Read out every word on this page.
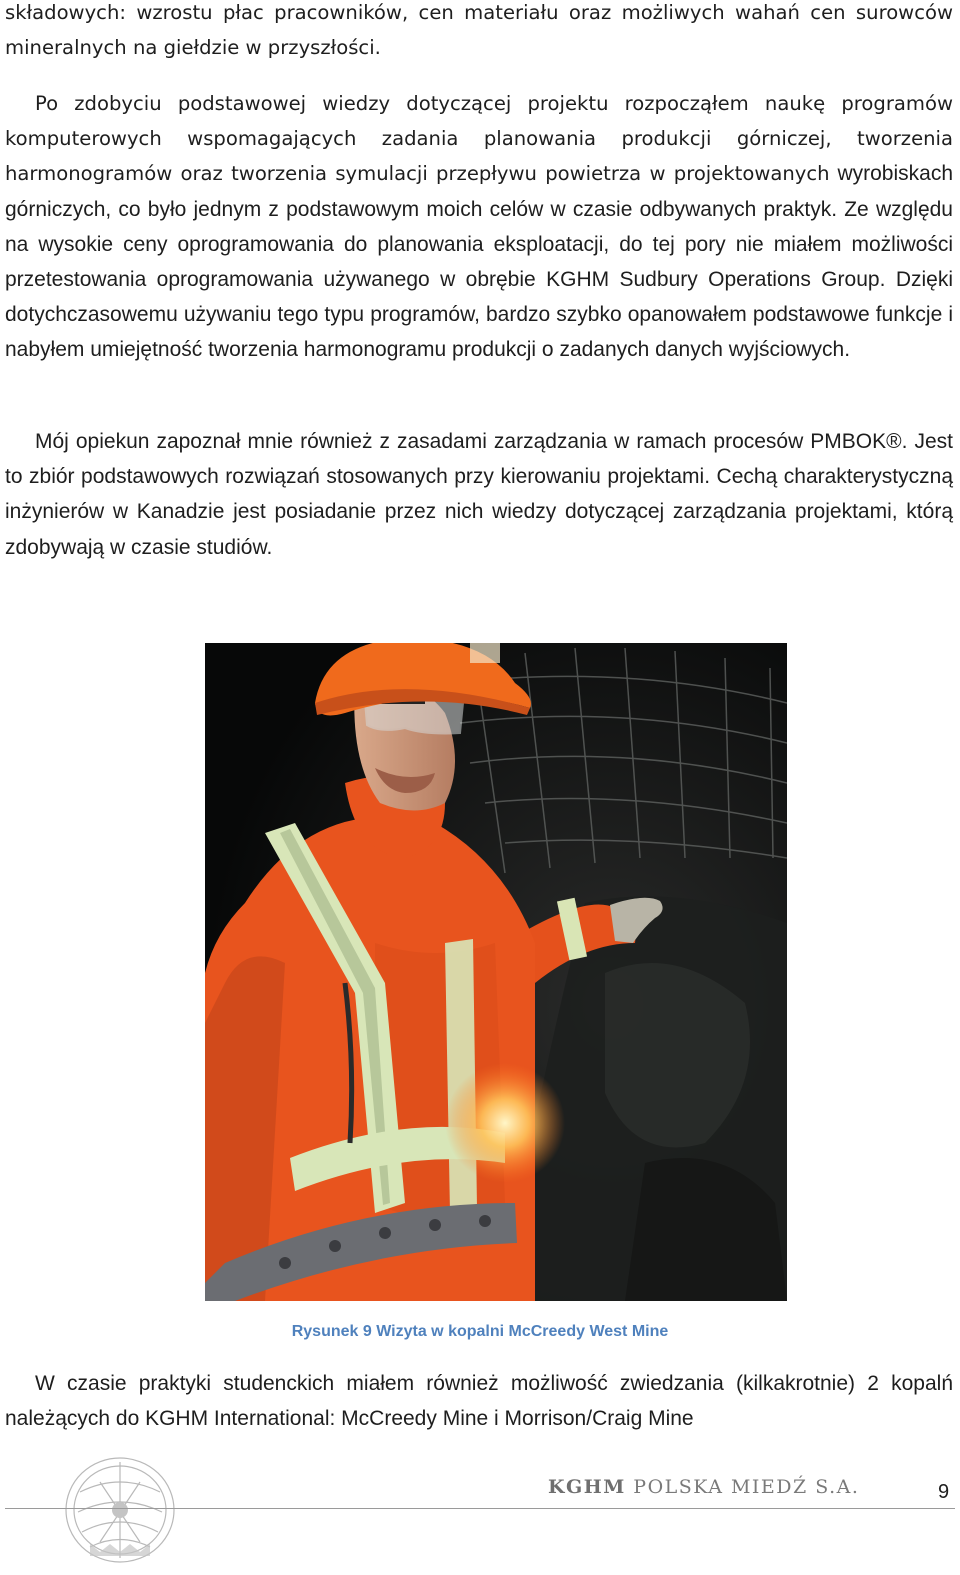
składowych: wzrostu płac pracowników, cen materiału oraz możliwych wahań cen surowców mineralnych na giełdzie w przyszłości.

Po zdobyciu podstawowej wiedzy dotyczącej projektu rozpocząłem naukę programów komputerowych wspomagających zadania planowania produkcji górniczej, tworzenia harmonogramów oraz tworzenia symulacji przepływu powietrza w projektowanych wyrobiskach górniczych, co było jednym z podstawowym moich celów w czasie odbywanych praktyk. Ze względu na wysokie ceny oprogramowania do planowania eksploatacji, do tej pory nie miałem możliwości przetestowania oprogramowania używanego w obrębie KGHM Sudbury Operations Group. Dzięki dotychczasowemu używaniu tego typu programów, bardzo szybko opanowałem podstawowe funkcje i nabyłem umiejętność tworzenia harmonogramu produkcji o zadanych danych wyjściowych.

Mój opiekun zapoznał mnie również z zasadami zarządzania w ramach procesów PMBOK®. Jest to zbiór podstawowych rozwiązań stosowanych przy kierowaniu projektami. Cechą charakterystyczną inżynierów w Kanadzie jest posiadanie przez nich wiedzy dotyczącej zarządzania projektami, którą zdobywają w czasie studiów.

Rysunek 9 Wizyta w kopalni McCreedy West Mine

W czasie praktyki studenckich miałem również możliwość zwiedzania (kilkakrotnie) 2 kopalń należących do KGHM International: McCreedy Mine i Morrison/Craig Mine

KGHM POLSKA MIEDŹ S.A.	9
